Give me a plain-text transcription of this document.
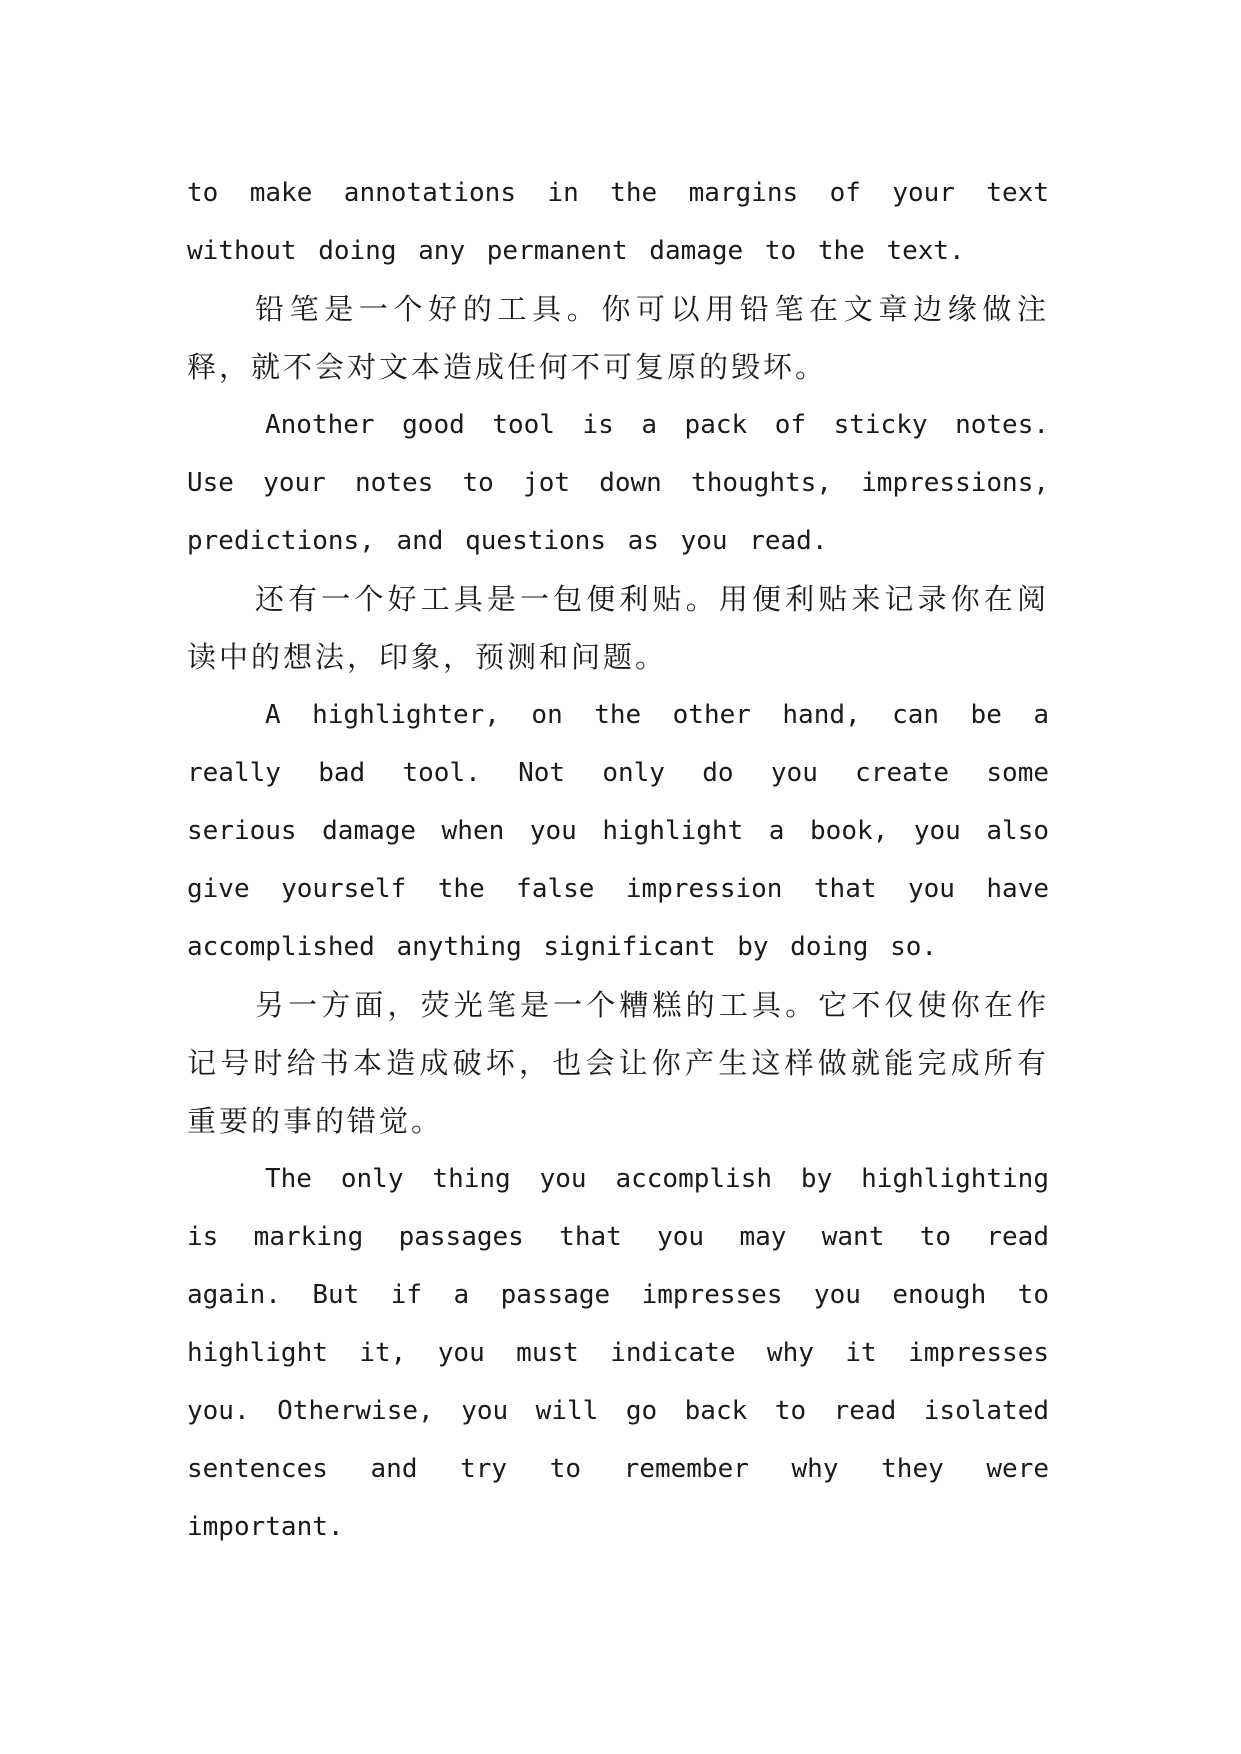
to make annotations in the margins of your text without doing any permanent damage to the text.

铅笔是一个好的工具。你可以用铅笔在文章边缘做注释，就不会对文本造成任何不可复原的毁坏。

Another good tool is a pack of sticky notes. Use your notes to jot down thoughts, impressions, predictions, and questions as you read.

还有一个好工具是一包便利贴。用便利贴来记录你在阅读中的想法，印象，预测和问题。

A highlighter, on the other hand, can be a really bad tool. Not only do you create some serious damage when you highlight a book, you also give yourself the false impression that you have accomplished anything significant by doing so.

另一方面，荧光笔是一个糟糕的工具。它不仅使你在作记号时给书本造成破坏，也会让你产生这样做就能完成所有重要的事的错觉。

The only thing you accomplish by highlighting is marking passages that you may want to read again. But if a passage impresses you enough to highlight it, you must indicate why it impresses you. Otherwise, you will go back to read isolated sentences and try to remember why they were important.
